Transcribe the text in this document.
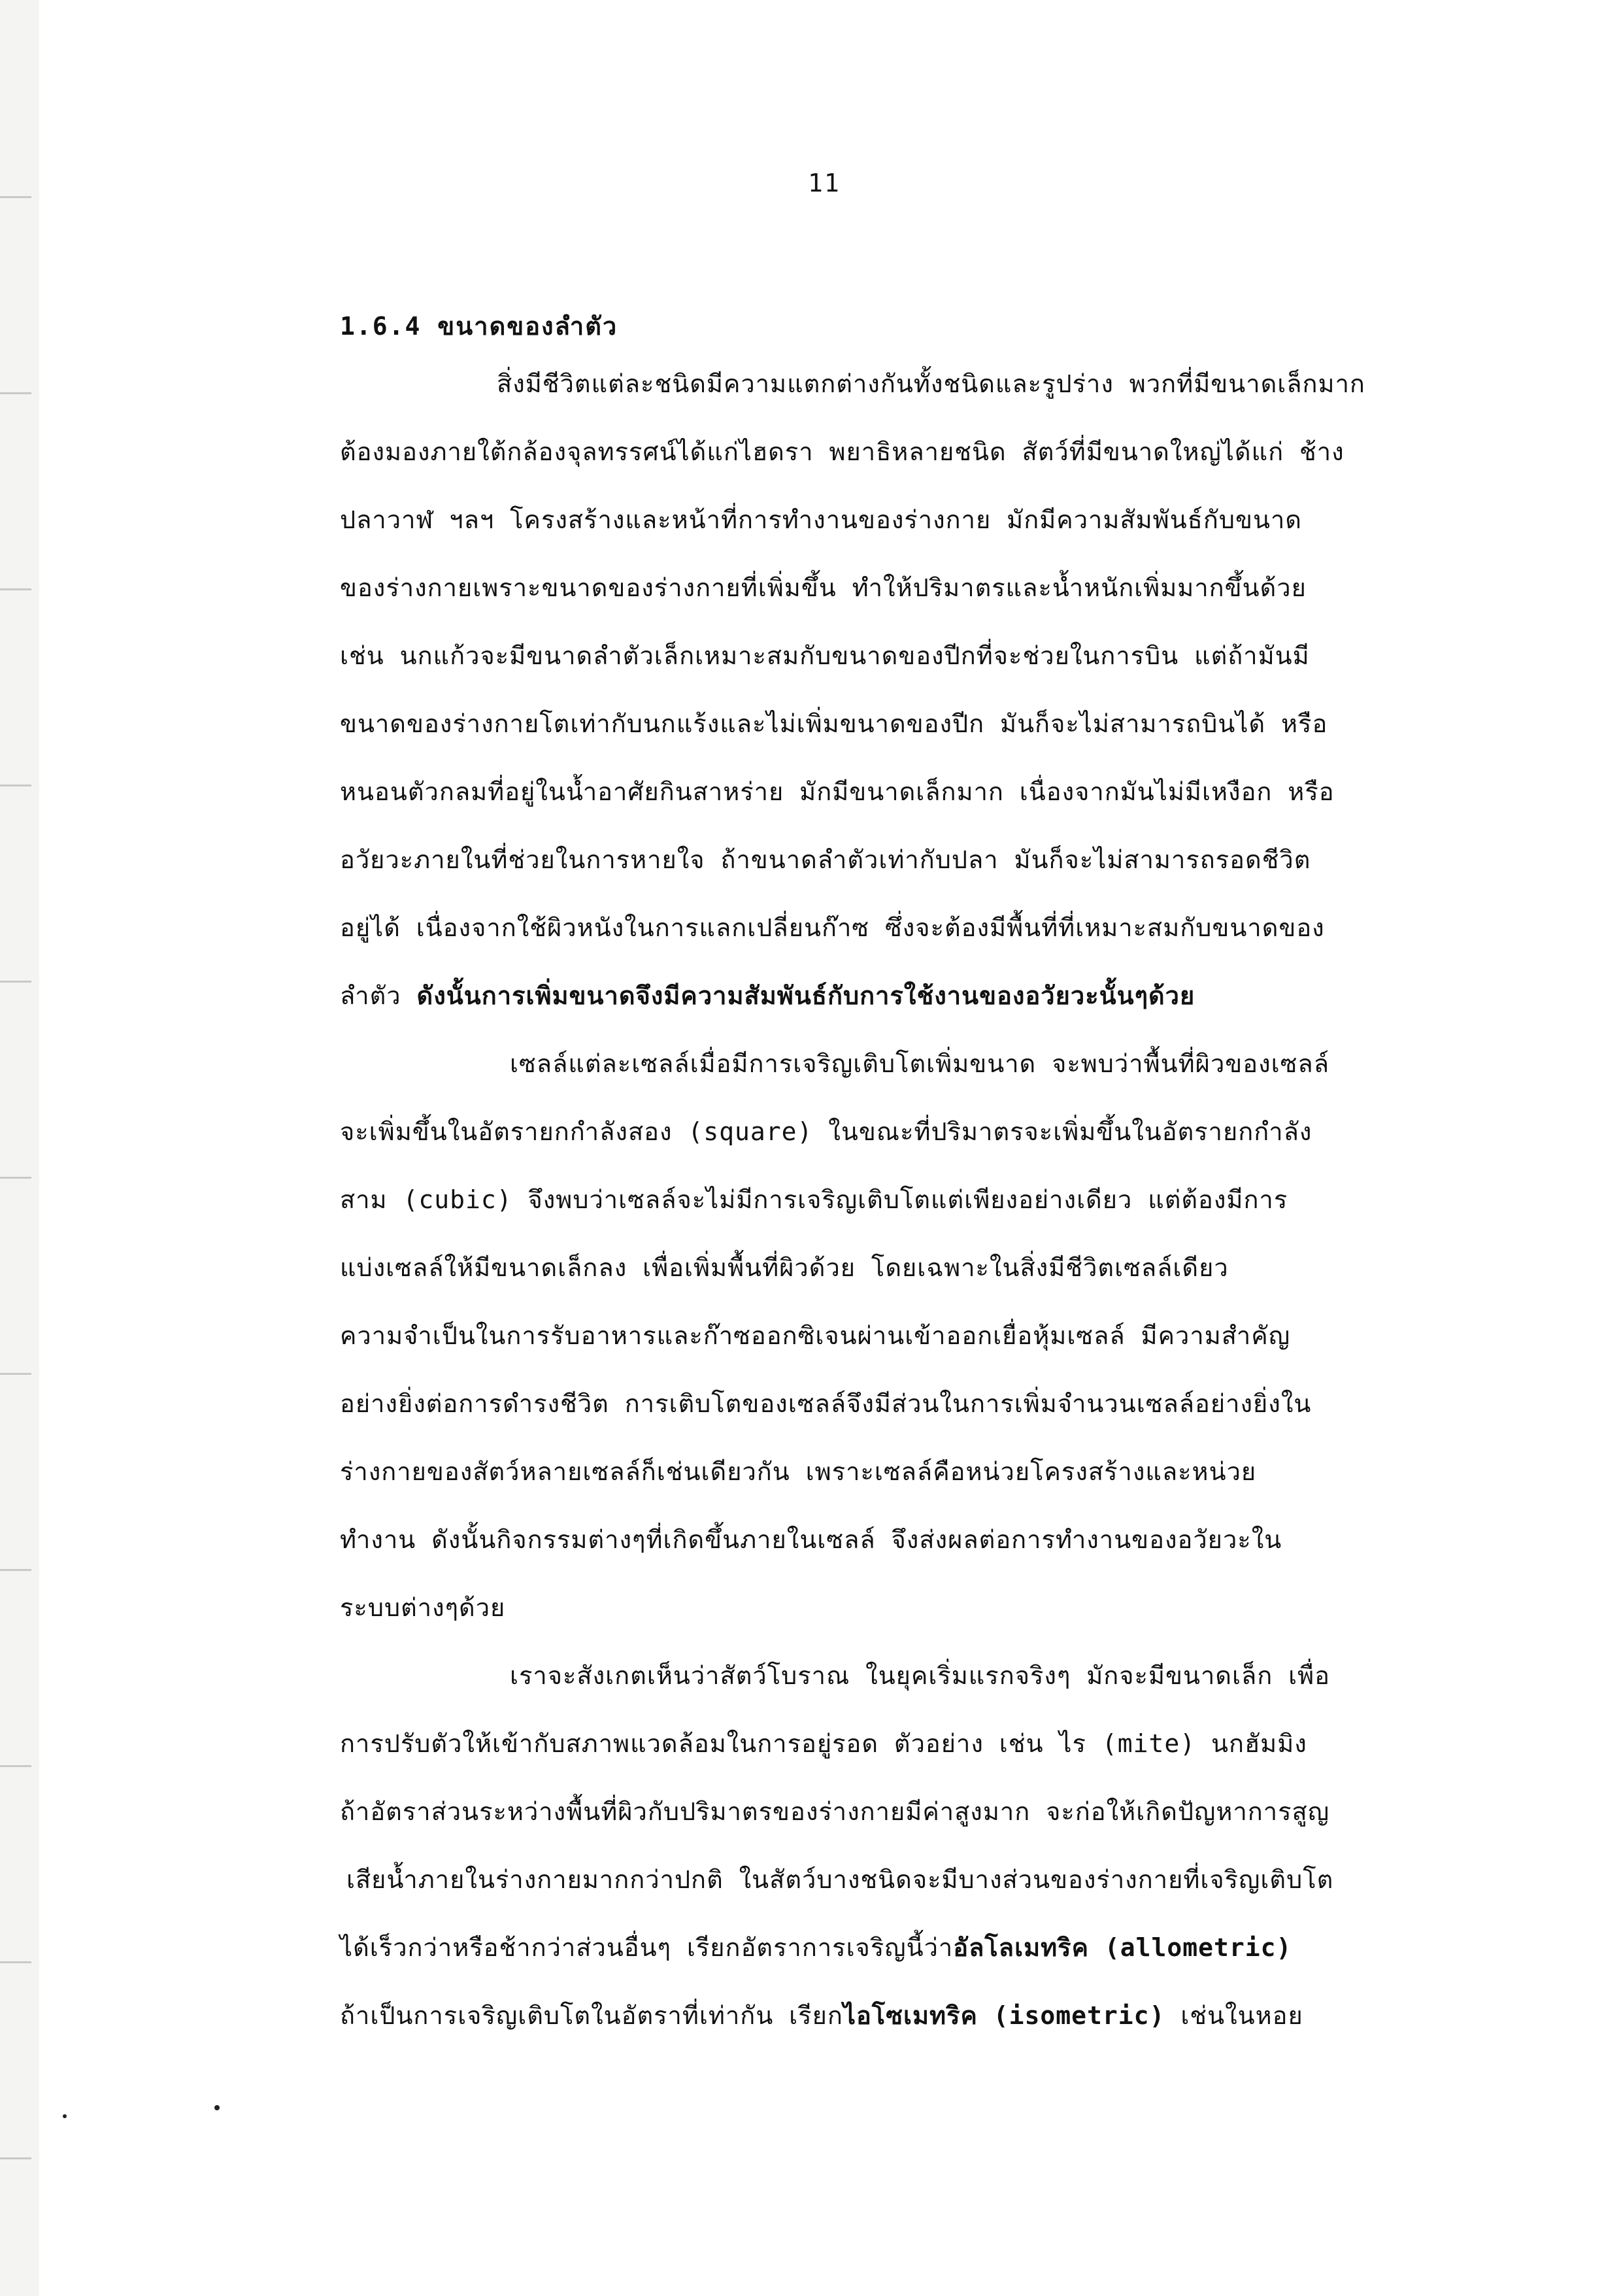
11
1.6.4 ขนาดของลำตัว
สิ่งมีชีวิตแต่ละชนิดมีความแตกต่างกันทั้งชนิดและรูปร่าง พวกที่มีขนาดเล็กมาก
ต้องมองภายใต้กล้องจุลทรรศน์ได้แก่ไฮดรา พยาธิหลายชนิด สัตว์ที่มีขนาดใหญ่ได้แก่ ช้าง
ปลาวาฬ ฯลฯ โครงสร้างและหน้าที่การทำงานของร่างกาย มักมีความสัมพันธ์กับขนาด
ของร่างกายเพราะขนาดของร่างกายที่เพิ่มขึ้น ทำให้ปริมาตรและน้ำหนักเพิ่มมากขึ้นด้วย
เช่น นกแก้วจะมีขนาดลำตัวเล็กเหมาะสมกับขนาดของปีกที่จะช่วยในการบิน แต่ถ้ามันมี
ขนาดของร่างกายโตเท่ากับนกแร้งและไม่เพิ่มขนาดของปีก มันก็จะไม่สามารถบินได้ หรือ
หนอนตัวกลมที่อยู่ในน้ำอาศัยกินสาหร่าย มักมีขนาดเล็กมาก เนื่องจากมันไม่มีเหงือก หรือ
อวัยวะภายในที่ช่วยในการหายใจ ถ้าขนาดลำตัวเท่ากับปลา มันก็จะไม่สามารถรอดชีวิต
อยู่ได้ เนื่องจากใช้ผิวหนังในการแลกเปลี่ยนก๊าซ ซึ่งจะต้องมีพื้นที่ที่เหมาะสมกับขนาดของ
ลำตัว ดังนั้นการเพิ่มขนาดจึงมีความสัมพันธ์กับการใช้งานของอวัยวะนั้นๆด้วย
เซลล์แต่ละเซลล์เมื่อมีการเจริญเติบโตเพิ่มขนาด จะพบว่าพื้นที่ผิวของเซลล์
จะเพิ่มขึ้นในอัตรายกกำลังสอง (square) ในขณะที่ปริมาตรจะเพิ่มขึ้นในอัตรายกกำลัง
สาม (cubic) จึงพบว่าเซลล์จะไม่มีการเจริญเติบโตแต่เพียงอย่างเดียว แต่ต้องมีการ
แบ่งเซลล์ให้มีขนาดเล็กลง เพื่อเพิ่มพื้นที่ผิวด้วย โดยเฉพาะในสิ่งมีชีวิตเซลล์เดียว
ความจำเป็นในการรับอาหารและก๊าซออกซิเจนผ่านเข้าออกเยื่อหุ้มเซลล์ มีความสำคัญ
อย่างยิ่งต่อการดำรงชีวิต การเติบโตของเซลล์จึงมีส่วนในการเพิ่มจำนวนเซลล์อย่างยิ่งใน
ร่างกายของสัตว์หลายเซลล์ก็เช่นเดียวกัน เพราะเซลล์คือหน่วยโครงสร้างและหน่วย
ทำงาน ดังนั้นกิจกรรมต่างๆที่เกิดขึ้นภายในเซลล์ จึงส่งผลต่อการทำงานของอวัยวะใน
ระบบต่างๆด้วย
เราจะสังเกตเห็นว่าสัตว์โบราณ ในยุคเริ่มแรกจริงๆ มักจะมีขนาดเล็ก เพื่อ
การปรับตัวให้เข้ากับสภาพแวดล้อมในการอยู่รอด ตัวอย่าง เช่น ไร (mite) นกฮัมมิง
ถ้าอัตราส่วนระหว่างพื้นที่ผิวกับปริมาตรของร่างกายมีค่าสูงมาก จะก่อให้เกิดปัญหาการสูญ
เสียน้ำภายในร่างกายมากกว่าปกติ ในสัตว์บางชนิดจะมีบางส่วนของร่างกายที่เจริญเติบโต
ได้เร็วกว่าหรือช้ากว่าส่วนอื่นๆ เรียกอัตราการเจริญนี้ว่าอัลโลเมทริค (allometric)
ถ้าเป็นการเจริญเติบโตในอัตราที่เท่ากัน เรียกไอโซเมทริค (isometric) เช่นในหอย
